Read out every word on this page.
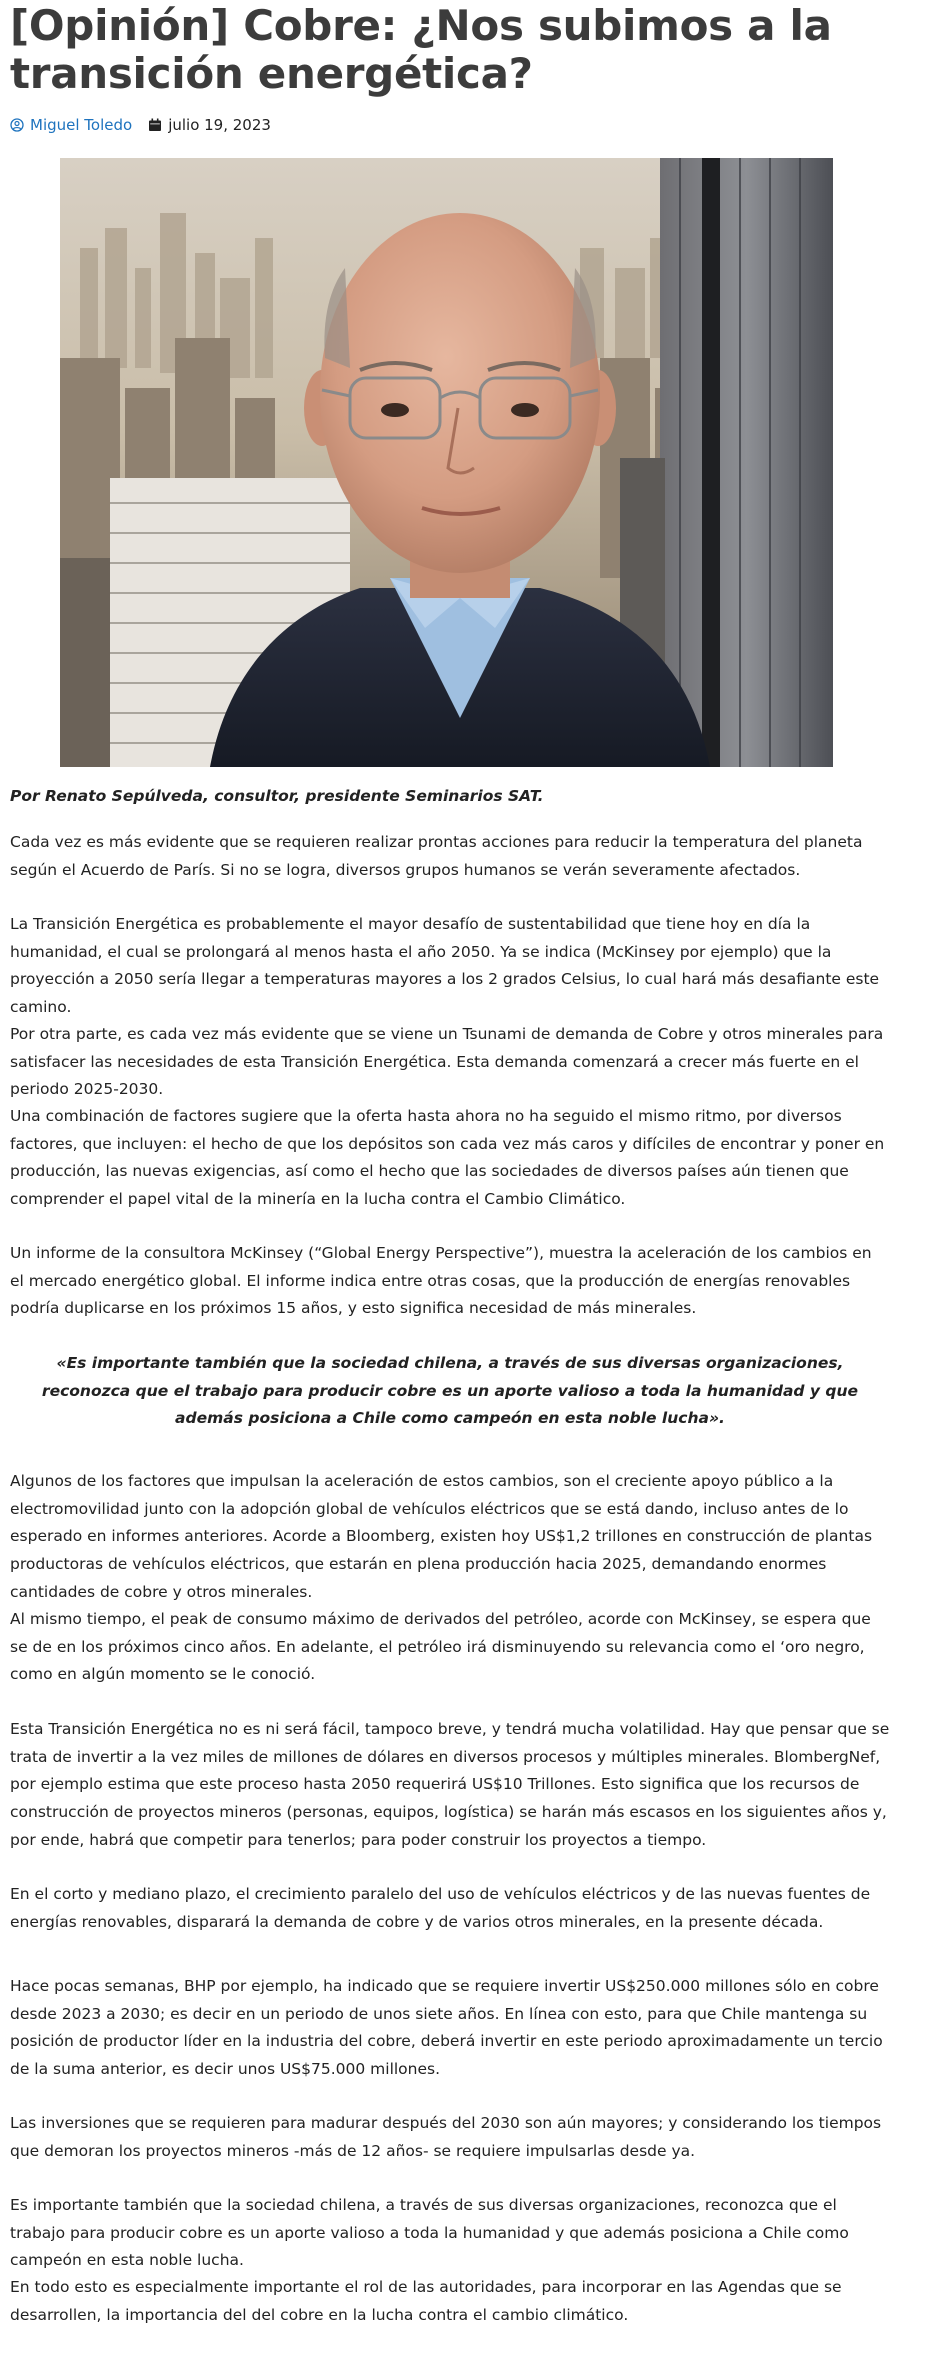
[Opinión] Cobre: ¿Nos subimos a la transición energética?
Miguel Toledo julio 19, 2023

Por Renato Sepúlveda, consultor, presidente Seminarios SAT.

Cada vez es más evidente que se requieren realizar prontas acciones para reducir la temperatura del planeta según el Acuerdo de París. Si no se logra, diversos grupos humanos se verán severamente afectados.

La Transición Energética es probablemente el mayor desafío de sustentabilidad que tiene hoy en día la humanidad, el cual se prolongará al menos hasta el año 2050. Ya se indica (McKinsey por ejemplo) que la proyección a 2050 sería llegar a temperaturas mayores a los 2 grados Celsius, lo cual hará más desafiante este camino.

Por otra parte, es cada vez más evidente que se viene un Tsunami de demanda de Cobre y otros minerales para satisfacer las necesidades de esta Transición Energética. Esta demanda comenzará a crecer más fuerte en el periodo 2025-2030.

Una combinación de factores sugiere que la oferta hasta ahora no ha seguido el mismo ritmo, por diversos factores, que incluyen: el hecho de que los depósitos son cada vez más caros y difíciles de encontrar y poner en producción, las nuevas exigencias, así como el hecho que las sociedades de diversos países aún tienen que comprender el papel vital de la minería en la lucha contra el Cambio Climático.

Un informe de la consultora McKinsey (“Global Energy Perspective”), muestra la aceleración de los cambios en el mercado energético global. El informe indica entre otras cosas, que la producción de energías renovables podría duplicarse en los próximos 15 años, y esto significa necesidad de más minerales.

«Es importante también que la sociedad chilena, a través de sus diversas organizaciones, reconozca que el trabajo para producir cobre es un aporte valioso a toda la humanidad y que además posiciona a Chile como campeón en esta noble lucha».

Algunos de los factores que impulsan la aceleración de estos cambios, son el creciente apoyo público a la electromovilidad junto con la adopción global de vehículos eléctricos que se está dando, incluso antes de lo esperado en informes anteriores. Acorde a Bloomberg, existen hoy US$1,2 trillones en construcción de plantas productoras de vehículos eléctricos, que estarán en plena producción hacia 2025, demandando enormes cantidades de cobre y otros minerales.

Al mismo tiempo, el peak de consumo máximo de derivados del petróleo, acorde con McKinsey, se espera que se de en los próximos cinco años. En adelante, el petróleo irá disminuyendo su relevancia como el ‘oro negro, como en algún momento se le conoció.

Esta Transición Energética no es ni será fácil, tampoco breve, y tendrá mucha volatilidad. Hay que pensar que se trata de invertir a la vez miles de millones de dólares en diversos procesos y múltiples minerales. BlombergNef, por ejemplo estima que este proceso hasta 2050 requerirá US$10 Trillones. Esto significa que los recursos de construcción de proyectos mineros (personas, equipos, logística) se harán más escasos en los siguientes años y, por ende, habrá que competir para tenerlos; para poder construir los proyectos a tiempo.

En el corto y mediano plazo, el crecimiento paralelo del uso de vehículos eléctricos y de las nuevas fuentes de energías renovables, disparará la demanda de cobre y de varios otros minerales, en la presente década.

Hace pocas semanas, BHP por ejemplo, ha indicado que se requiere invertir US$250.000 millones sólo en cobre desde 2023 a 2030; es decir en un periodo de unos siete años. En línea con esto, para que Chile mantenga su posición de productor líder en la industria del cobre, deberá invertir en este periodo aproximadamente un tercio de la suma anterior, es decir unos US$75.000 millones.

Las inversiones que se requieren para madurar después del 2030 son aún mayores; y considerando los tiempos que demoran los proyectos mineros -más de 12 años- se requiere impulsarlas desde ya.

Es importante también que la sociedad chilena, a través de sus diversas organizaciones, reconozca que el trabajo para producir cobre es un aporte valioso a toda la humanidad y que además posiciona a Chile como campeón en esta noble lucha.

En todo esto es especialmente importante el rol de las autoridades, para incorporar en las Agendas que se desarrollen, la importancia del del cobre en la lucha contra el cambio climático.
